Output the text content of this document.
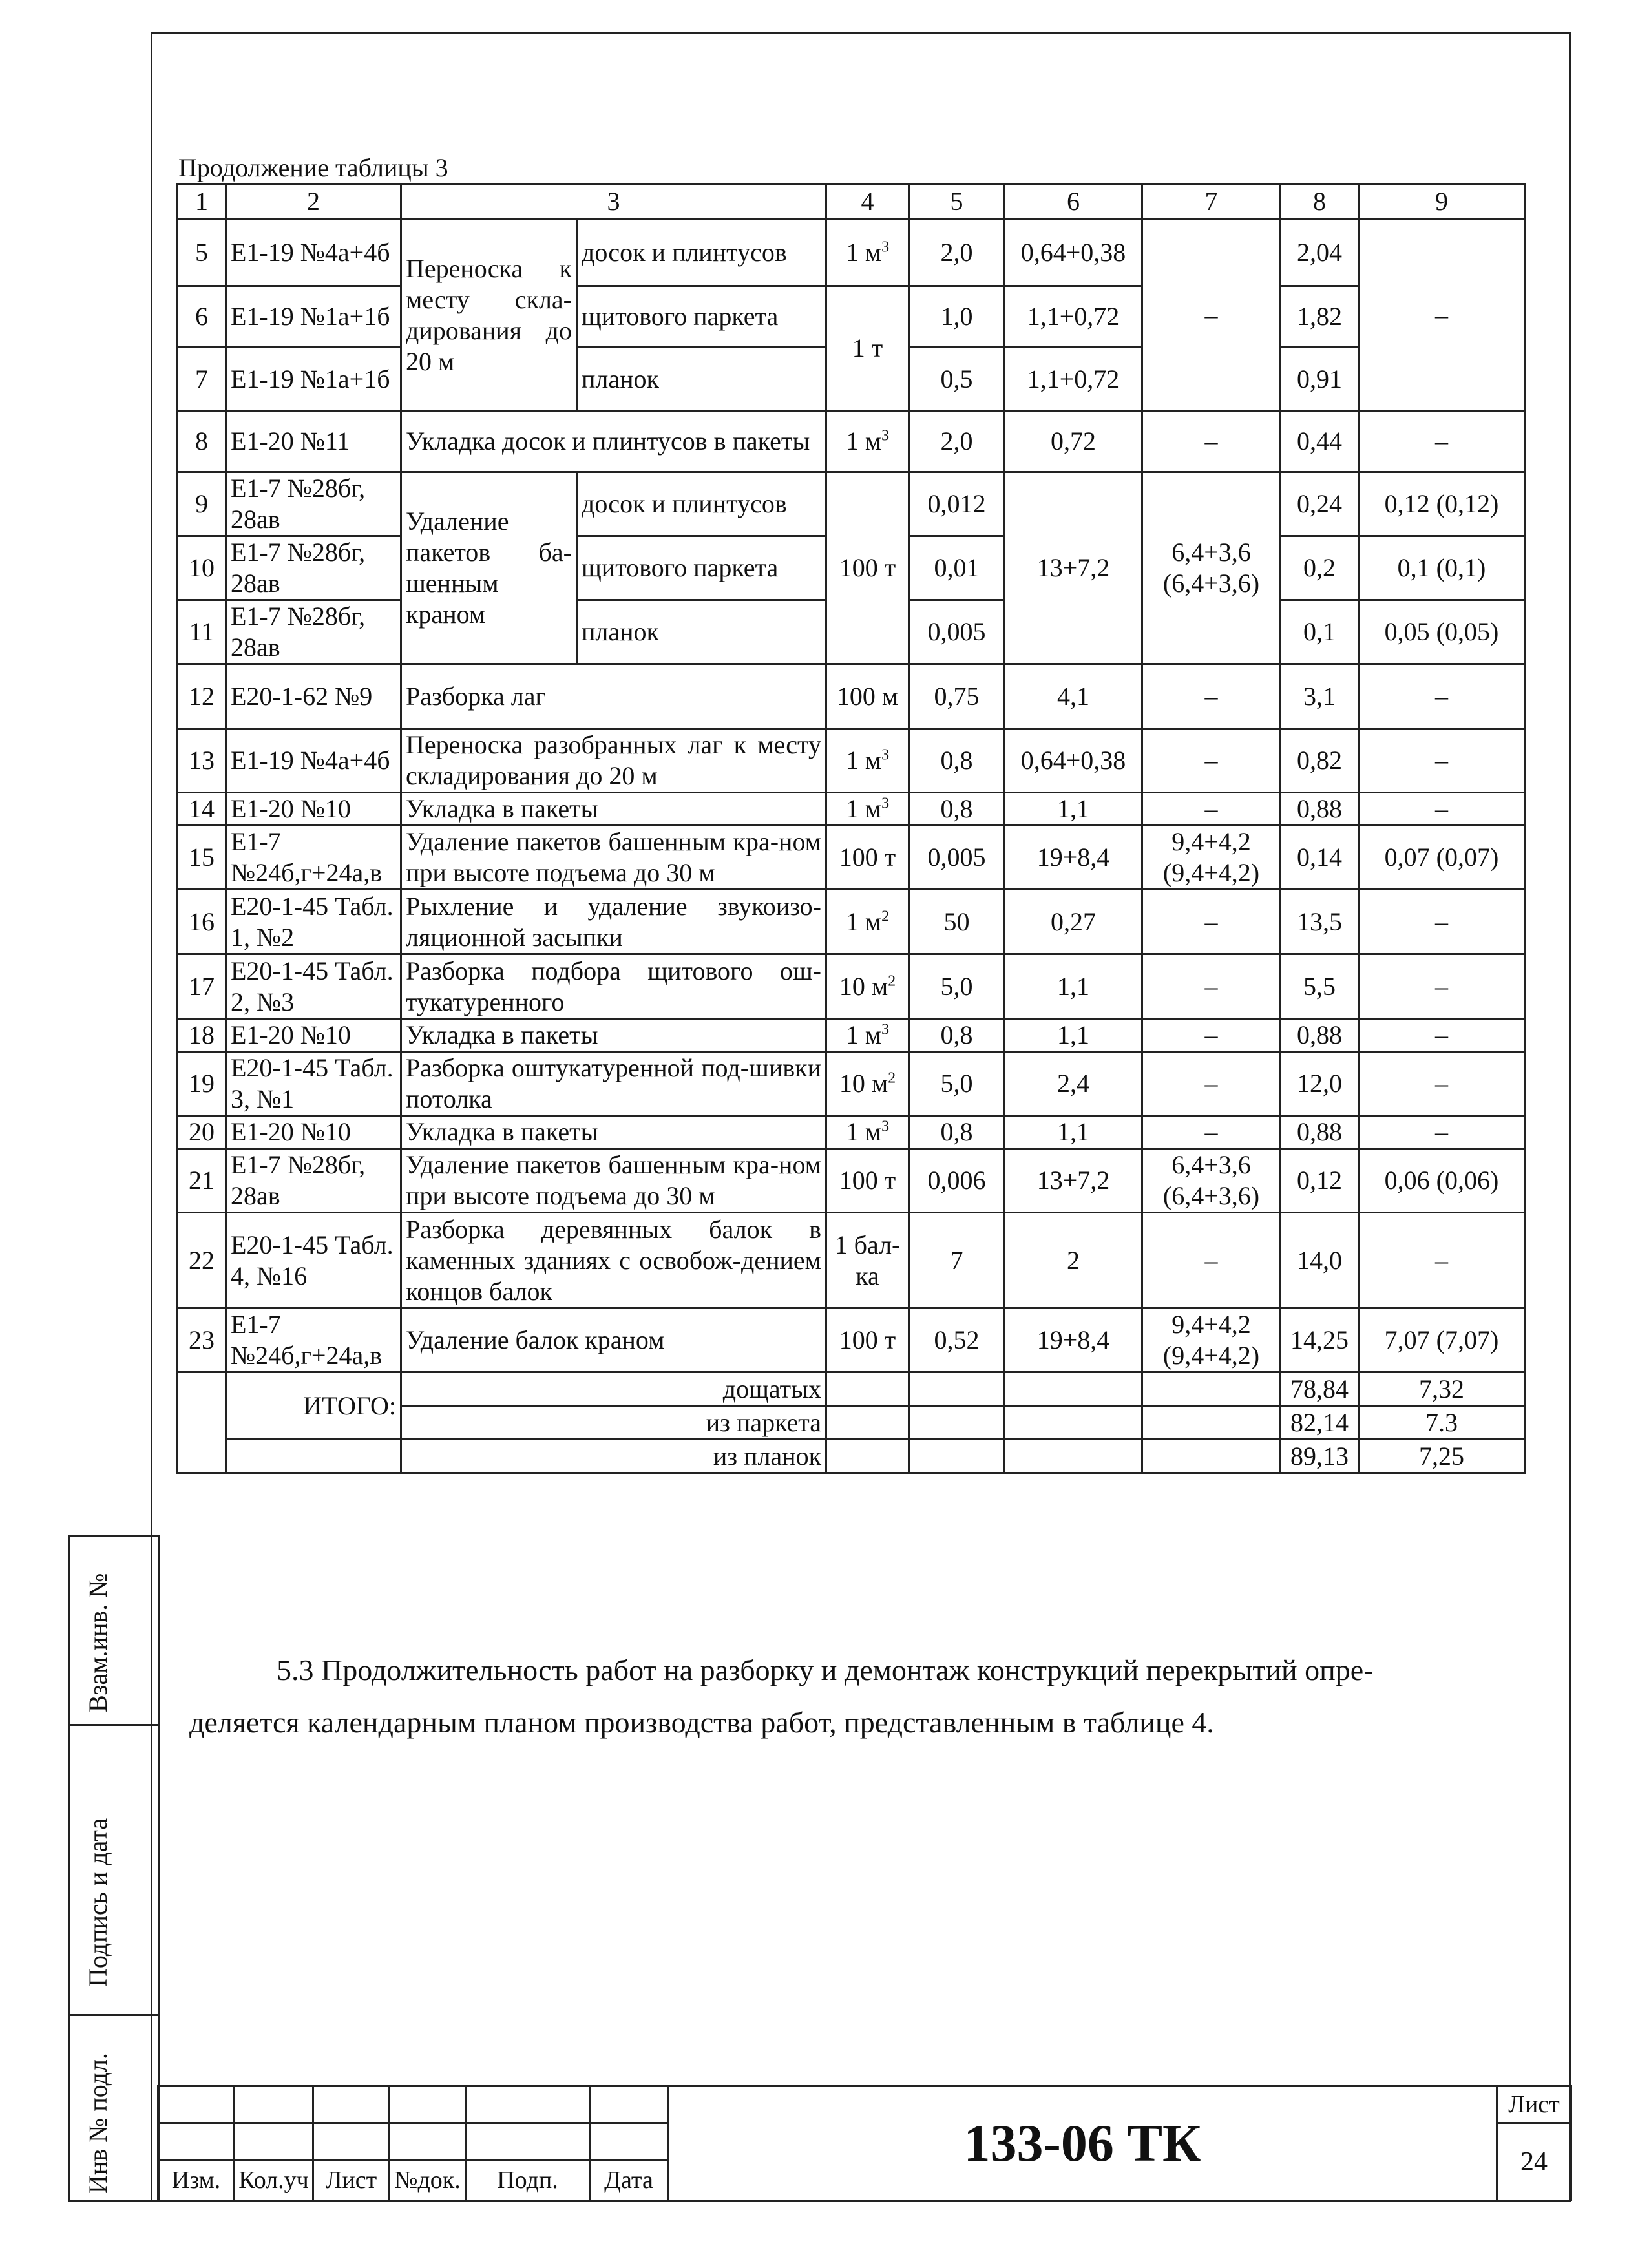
Взам.инв. №
Подпись и дата
Инв № подл.
Продолжение таблицы 3
1	2	3		4	5	6	7	8	9
5	Е1-19 №4а+4б	Переноска к месту скла-дирования до 20 м	досок и плинтусов	1 $м^3$	2,0	0,64+0,38	–	2,04	–
6	Е1-19 №1а+1б		щитового паркета	1 т	1,0	1,1+0,72		1,82	
7	Е1-19 №1а+1б		планок		0,5	1,1+0,72		0,91	
8	Е1-20 №11	Укладка досок и плинтусов в пакеты		1 $м^3$	2,0	0,72	–	0,44	–
9	Е1-7 №28бг, 28ав	Удаление пакетов ба-шенным краном	досок и плинтусов	100 т	0,012	13+7,2	6,4+3,6 (6,4+3,6)	0,24	0,12 (0,12)
10	Е1-7 №28бг, 28ав		щитового паркета		0,01			0,2	0,1 (0,1)
11	Е1-7 №28бг, 28ав		планок		0,005			0,1	0,05 (0,05)
12	Е20-1-62 №9	Разборка лаг		100 м	0,75	4,1	–	3,1	–
13	Е1-19 №4а+4б	Переноска разобранных лаг к месту складирования до 20 м		1 $м^3$	0,8	0,64+0,38	–	0,82	–
14	Е1-20 №10	Укладка в пакеты		1 $м^3$	0,8	1,1	–	0,88	–
15	Е1-7 №24б,г+24а,в	Удаление пакетов башенным кра-ном при высоте подъема до 30 м		100 т	0,005	19+8,4	9,4+4,2 (9,4+4,2)	0,14	0,07 (0,07)
16	Е20-1-45 Табл. 1, №2	Рыхление и удаление звукоизо-ляционной засыпки		1 $м^2$	50	0,27	–	13,5	–
17	Е20-1-45 Табл. 2, №3	Разборка подбора щитового ош-тукатуренного		10 $м^2$	5,0	1,1	–	5,5	–
18	Е1-20 №10	Укладка в пакеты		1 $м^3$	0,8	1,1	–	0,88	–
19	Е20-1-45 Табл. 3, №1	Разборка оштукатуренной под-шивки потолка		10 $м^2$	5,0	2,4	–	12,0	–
20	Е1-20 №10	Укладка в пакеты		1 $м^3$	0,8	1,1	–	0,88	–
21	Е1-7 №28бг, 28ав	Удаление пакетов башенным кра-ном при высоте подъема до 30 м		100 т	0,006	13+7,2	6,4+3,6 (6,4+3,6)	0,12	0,06 (0,06)
22	Е20-1-45 Табл. 4, №16	Разборка деревянных балок в каменных зданиях с освобож-дением концов балок		1 бал-ка	7	2	–	14,0	–
23	Е1-7 №24б,г+24а,в	Удаление балок краном		100 т	0,52	19+8,4	9,4+4,2 (9,4+4,2)	14,25	7,07 (7,07)
	ИТОГО:	дощатых						78,84	7,32
		из паркета						82,14	7.3
		из планок						89,13	7,25
5.3 Продолжительность работ на разборку и демонтаж конструкций перекрытий опре-
деляется календарным планом производства работ, представленным в таблице 4.
						133-06 ТК	Лист
							24
Изм.	Кол.уч	Лист	№док.	Подп.	Дата		
